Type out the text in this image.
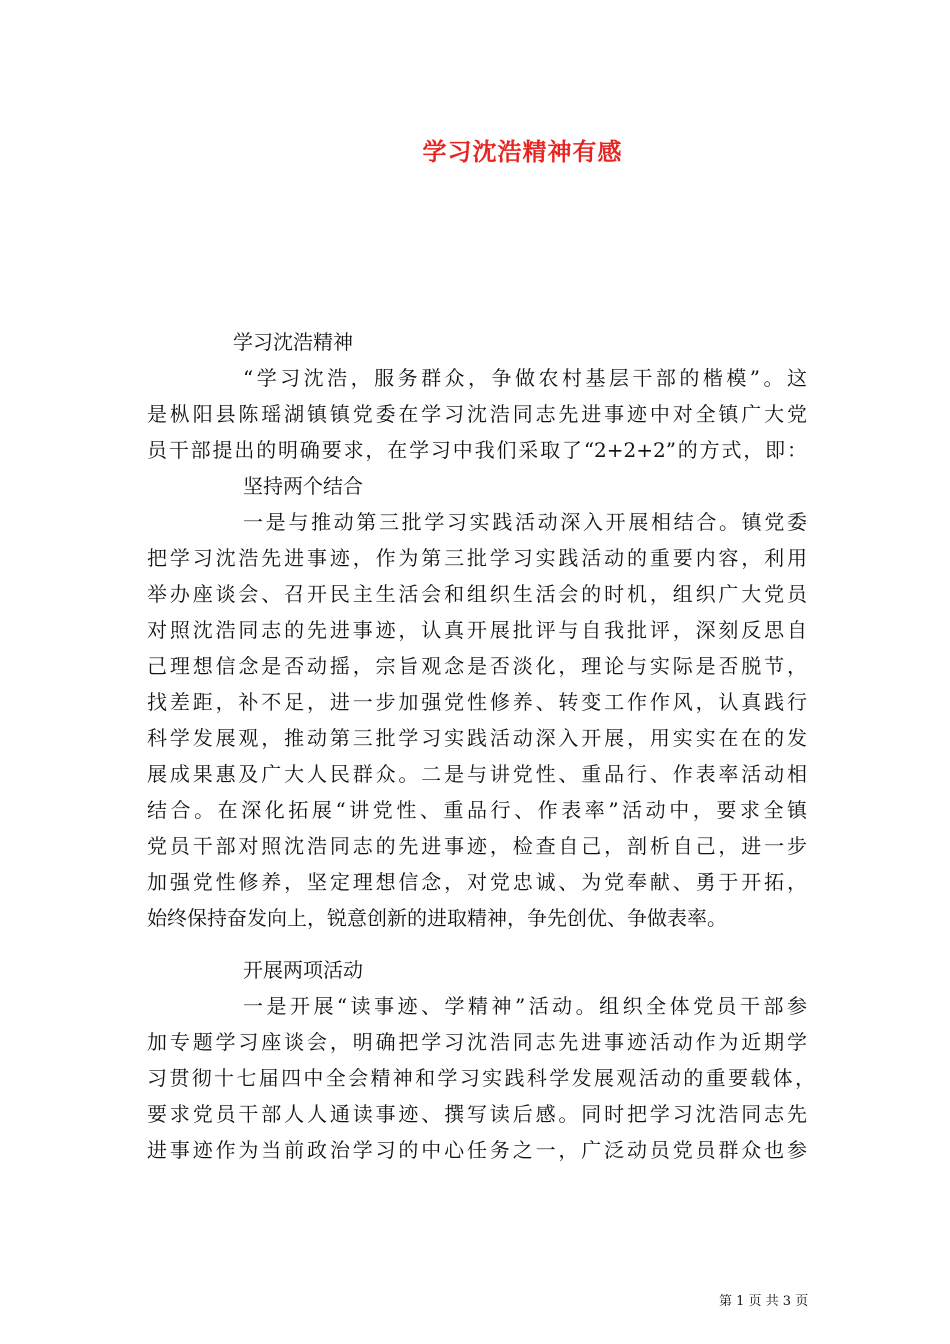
学习沈浩精神有感
学习沈浩精神
“学习沈浩，服务群众，争做农村基层干部的楷模”。这
是枞阳县陈瑶湖镇镇党委在学习沈浩同志先进事迹中对全镇广大党
员干部提出的明确要求，在学习中我们采取了“2+2+2”的方式，即：
坚持两个结合
一是与推动第三批学习实践活动深入开展相结合。镇党委
把学习沈浩先进事迹，作为第三批学习实践活动的重要内容，利用
举办座谈会、召开民主生活会和组织生活会的时机，组织广大党员
对照沈浩同志的先进事迹，认真开展批评与自我批评，深刻反思自
己理想信念是否动摇，宗旨观念是否淡化，理论与实际是否脱节，
找差距，补不足，进一步加强党性修养、转变工作作风，认真践行
科学发展观，推动第三批学习实践活动深入开展，用实实在在的发
展成果惠及广大人民群众。二是与讲党性、重品行、作表率活动相
结合。在深化拓展“讲党性、重品行、作表率”活动中，要求全镇
党员干部对照沈浩同志的先进事迹，检查自己，剖析自己，进一步
加强党性修养，坚定理想信念，对党忠诚、为党奉献、勇于开拓，
始终保持奋发向上，锐意创新的进取精神，争先创优、争做表率。
开展两项活动
一是开展“读事迹、学精神”活动。组织全体党员干部参
加专题学习座谈会，明确把学习沈浩同志先进事迹活动作为近期学
习贯彻十七届四中全会精神和学习实践科学发展观活动的重要载体，
要求党员干部人人通读事迹、撰写读后感。同时把学习沈浩同志先
进事迹作为当前政治学习的中心任务之一，广泛动员党员群众也参
第 1 页 共 3 页
